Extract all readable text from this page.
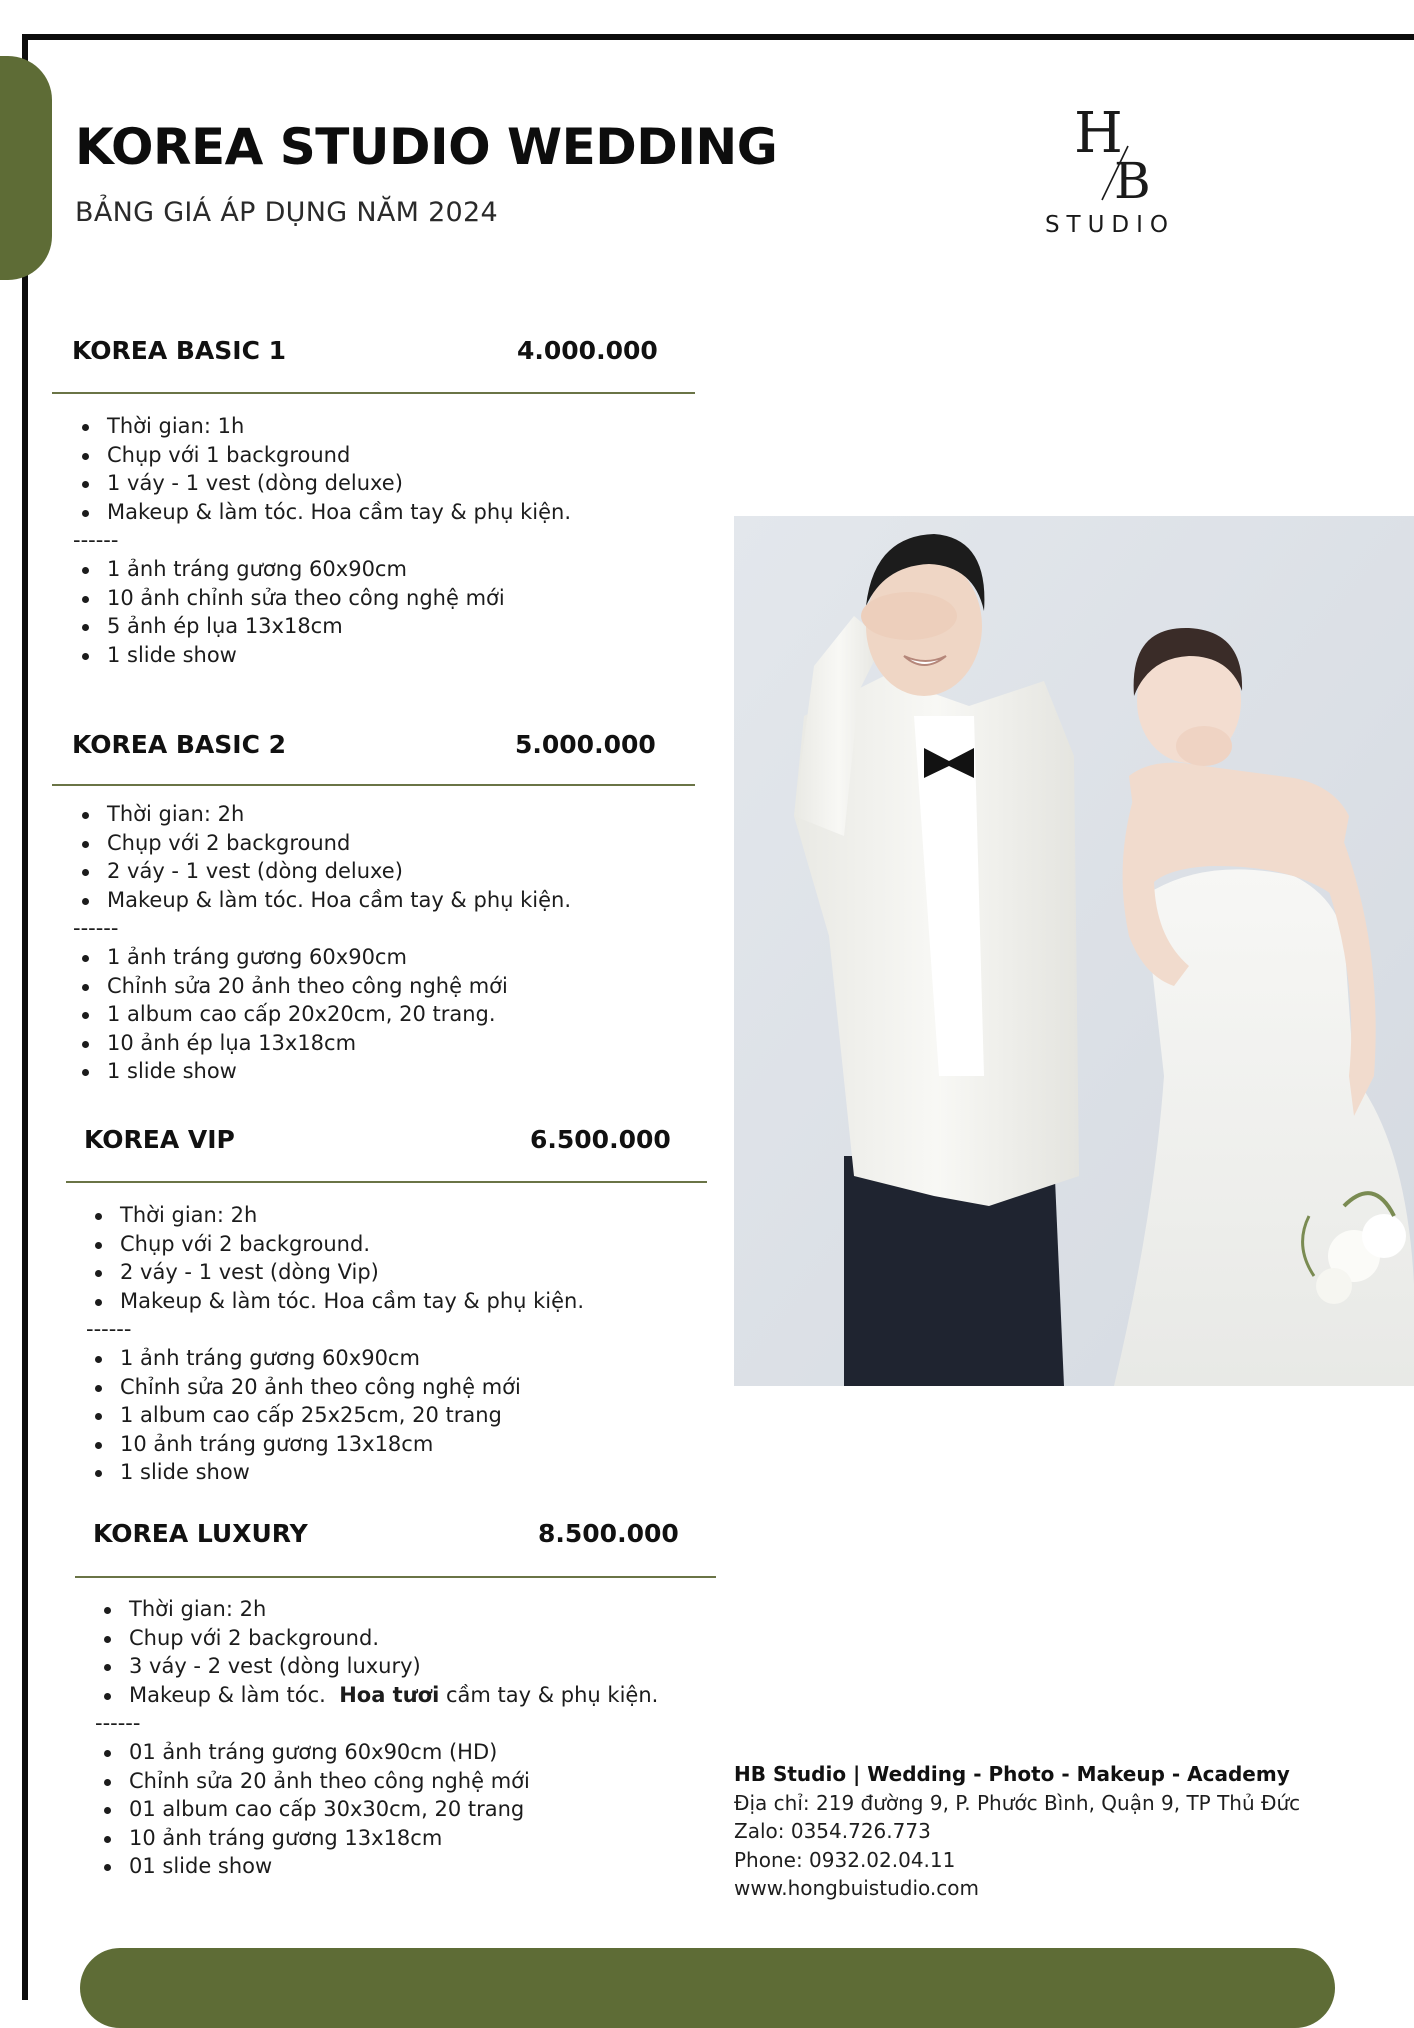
KOREA STUDIO WEDDING
BẢNG GIÁ ÁP DỤNG NĂM 2024
H
B
STUDIO
KOREA BASIC 1	4.000.000
Thời gian: 1h
Chụp với 1 background
1 váy - 1 vest (dòng deluxe)
Makeup & làm tóc. Hoa cầm tay & phụ kiện.
------
1 ảnh tráng gương 60x90cm
10 ảnh chỉnh sửa theo công nghệ mới
5 ảnh ép lụa 13x18cm
1 slide show
KOREA BASIC 2	5.000.000
Thời gian: 2h
Chụp với 2 background
2 váy - 1 vest (dòng deluxe)
Makeup & làm tóc. Hoa cầm tay & phụ kiện.
------
1 ảnh tráng gương 60x90cm
Chỉnh sửa 20 ảnh theo công nghệ mới
1 album cao cấp 20x20cm, 20 trang.
10 ảnh ép lụa 13x18cm
1 slide show
KOREA VIP	6.500.000
Thời gian: 2h
Chụp với 2 background.
2 váy - 1 vest (dòng Vip)
Makeup & làm tóc. Hoa cầm tay & phụ kiện.
------
1 ảnh tráng gương 60x90cm
Chỉnh sửa 20 ảnh theo công nghệ mới
1 album cao cấp 25x25cm, 20 trang
10 ảnh tráng gương 13x18cm
1 slide show
KOREA LUXURY	8.500.000
Thời gian: 2h
Chup với 2 background.
3 váy - 2 vest (dòng luxury)
Makeup & làm tóc. Hoa tươi cầm tay & phụ kiện.
------
01 ảnh tráng gương 60x90cm (HD)
Chỉnh sửa 20 ảnh theo công nghệ mới
01 album cao cấp 30x30cm, 20 trang
10 ảnh tráng gương 13x18cm
01 slide show
HB Studio | Wedding - Photo - Makeup - Academy
Địa chỉ: 219 đường 9, P. Phước Bình, Quận 9, TP Thủ Đức
Zalo: 0354.726.773
Phone: 0932.02.04.11
www.hongbuistudio.com
